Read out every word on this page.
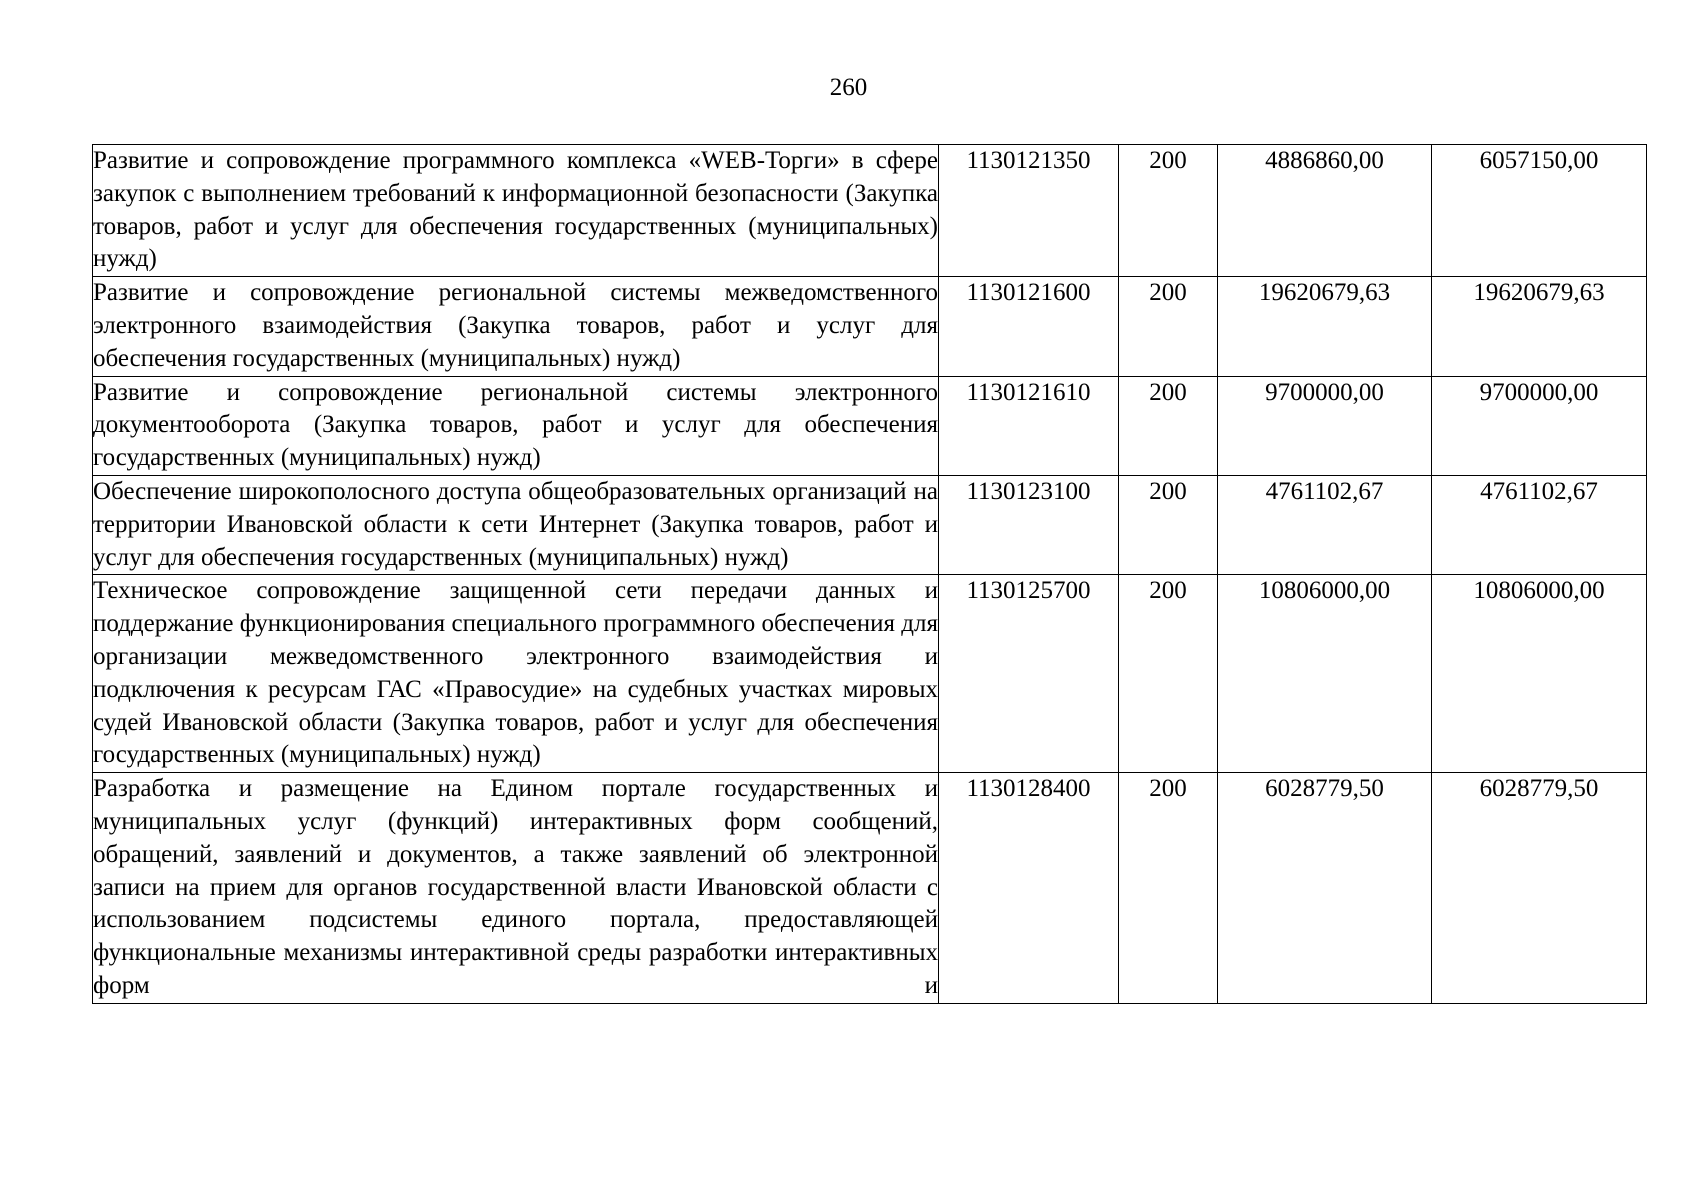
260
Развитие и сопровождение программного комплекса «WEB-Торги» в сфере закупок с выполнением требований к информационной безопасности (Закупка товаров, работ и услуг для обеспечения государственных (муниципальных) нужд)	1130121350	200	4886860,00	6057150,00
Развитие и сопровождение региональной системы межведомственного электронного взаимодействия (Закупка товаров, работ и услуг для обеспечения государственных (муниципальных) нужд)	1130121600	200	19620679,63	19620679,63
Развитие и сопровождение региональной системы электронного документооборота (Закупка товаров, работ и услуг для обеспечения государственных (муниципальных) нужд)	1130121610	200	9700000,00	9700000,00
Обеспечение широкополосного доступа общеобразовательных организаций на территории Ивановской области к сети Интернет (Закупка товаров, работ и услуг для обеспечения государственных (муниципальных) нужд)	1130123100	200	4761102,67	4761102,67
Техническое сопровождение защищенной сети передачи данных и поддержание функционирования специального программного обеспечения для организации межведомственного электронного взаимодействия и подключения к ресурсам ГАС «Правосудие» на судебных участках мировых судей Ивановской области (Закупка товаров, работ и услуг для обеспечения государственных (муниципальных) нужд)	1130125700	200	10806000,00	10806000,00
Разработка и размещение на Едином портале государственных и муниципальных услуг (функций) интерактивных форм сообщений, обращений, заявлений и документов, а также заявлений об электронной записи на прием для органов государственной власти Ивановской области с использованием подсистемы единого портала, предоставляющей функциональные механизмы интерактивной среды разработки интерактивных форм и	1130128400	200	6028779,50	6028779,50
